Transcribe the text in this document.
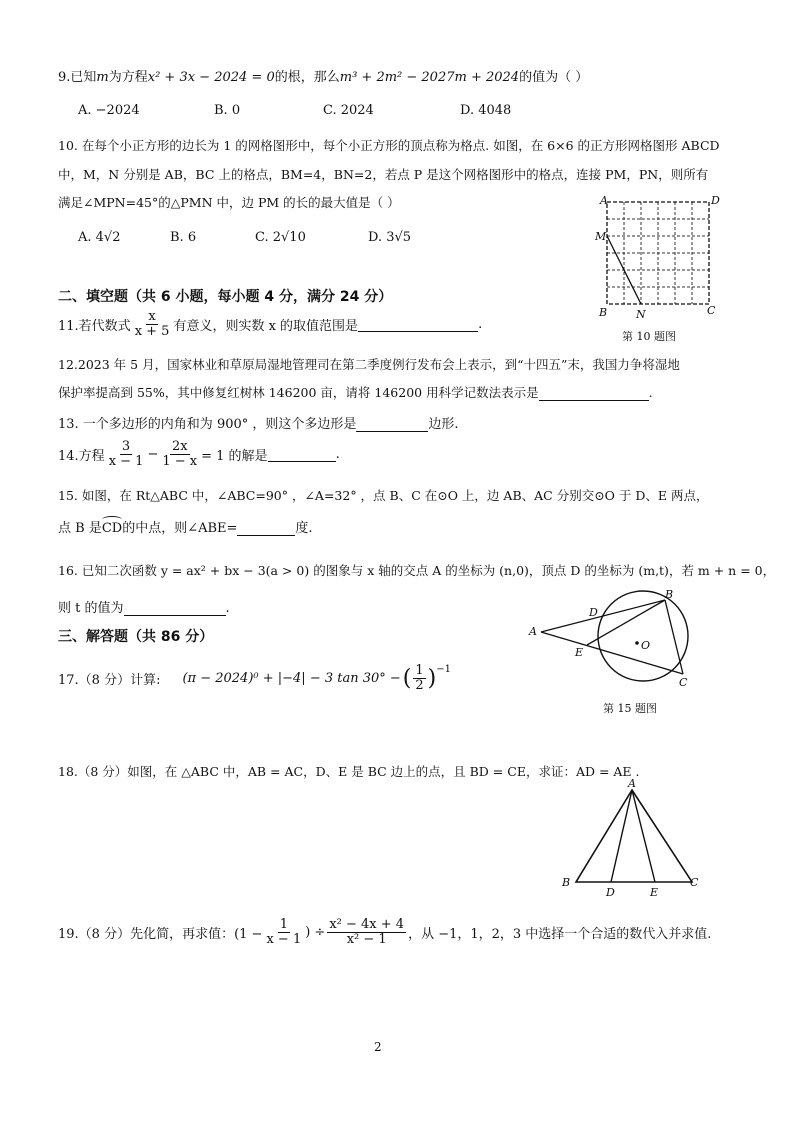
9.已知m为方程x² + 3x − 2024 = 0的根，那么m³ + 2m² − 2027m + 2024的值为（ ）
A. −2024	B. 0	C. 2024	D. 4048
10. 在每个小正方形的边长为 1 的网格图形中，每个小正方形的顶点称为格点. 如图，在 6×6 的正方形网格图形 ABCD
中，M，N 分别是 AB，BC 上的格点，BM=4，BN=2，若点 P 是这个网格图形中的格点，连接 PM，PN，则所有
满足∠MPN=45°的△PMN 中，边 PM 的长的最大值是（ ）
A. 4√2	B. 6	C. 2√10	D. 3√5
A	D
M
B	N	C
第 10 题图
二、填空题（共 6 小题，每小题 4 分，满分 24 分）
11.若代数式 $\frac{x}{x + 5}$ 有意义，则实数 x 的取值范围是	.
12.2023 年 5 月，国家林业和草原局湿地管理司在第二季度例行发布会上表示，到“十四五”末，我国力争将湿地
保护率提高到 55%，其中修复红树林 146200 亩，请将 146200 用科学记数法表示是	.
13. 一个多边形的内角和为 900° ，则这个多边形是	边形.
14.方程 $\frac{3}{x - 1} - \frac{2x}{1 - x} = 1$ 的解是	.
15. 如图，在 Rt△ABC 中，∠ABC=90° ，∠A=32° ，点 B、C 在⊙O 上，边 AB、AC 分别交⊙O 于 D、E 两点，
点 B 是
CD的中点，则∠ABE=	度.
16. 已知二次函数 y = ax² + bx − 3(a > 0) 的图象与 x 轴的交点 A 的坐标为 (n,0)，顶点 D 的坐标为 (m,t)，若 m + n = 0，
则 t 的值为	.
三、解答题（共 86 分）	A
D
B
E
O
C
第 15 题图
17.（8 分）计算: (π − 2024)⁰ + |−4| − 3 tan 30° − ( $\frac{1}{2} )^{-1}$
18.（8 分）如图，在 △ABC 中，AB = AC，D、E 是 BC 边上的点，且 BD = CE，求证：AD = AE .
A
B
D	E
C
19.（8 分）先化简，再求值：($1 - \frac{1}{x - 1}$ ) ÷ $\frac{\text{x² − 4x + 4}}{\text{x² − 1}}$ ，从 −1，1，2，3 中选择一个合适的数代入并求值.
2
